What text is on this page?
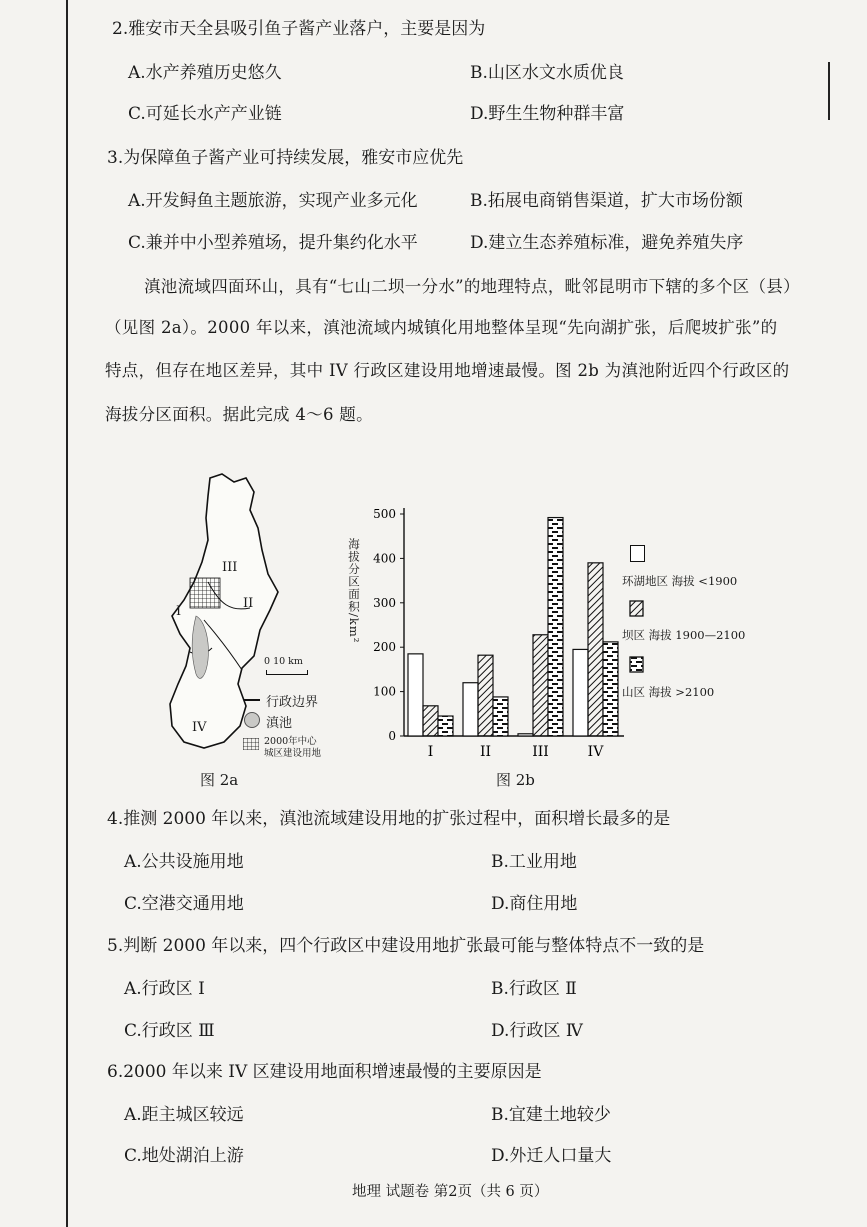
2.雅安市天全县吸引鱼子酱产业落户，主要是因为
A.水产养殖历史悠久	B.山区水文水质优良
C.可延长水产产业链	D.野生生物种群丰富
3.为保障鱼子酱产业可持续发展，雅安市应优先
A.开发鲟鱼主题旅游，实现产业多元化	B.拓展电商销售渠道，扩大市场份额
C.兼并中小型养殖场，提升集约化水平	D.建立生态养殖标准，避免养殖失序
滇池流域四面环山，具有“七山二坝一分水”的地理特点，毗邻昆明市下辖的多个区（县）
（见图 2a）。2000 年以来，滇池流域内城镇化用地整体呈现“先向湖扩张，后爬坡扩张”的
特点，但存在地区差异，其中 IV 行政区建设用地增速最慢。图 2b 为滇池附近四个行政区的
海拔分区面积。据此完成 4～6 题。
III
II
I
IV
0 10 km
行政边界
滇池
2000年中心城区建设用地
图 2a
海拔分区面积/km²
0
100
200
300
400
500
I	II	III	IV
环湖地区 海拔 <1900
坝区 海拔 1900—2100
山区 海拔 >2100
图 2b
4.推测 2000 年以来，滇池流域建设用地的扩张过程中，面积增长最多的是
A.公共设施用地	B.工业用地
C.空港交通用地	D.商住用地
5.判断 2000 年以来，四个行政区中建设用地扩张最可能与整体特点不一致的是
A.行政区 I	B.行政区 Ⅱ
C.行政区 Ⅲ	D.行政区 Ⅳ
6.2000 年以来 IV 区建设用地面积增速最慢的主要原因是
A.距主城区较远	B.宜建土地较少
C.地处湖泊上游	D.外迁人口量大
地理 试题卷 第2页（共 6 页）
